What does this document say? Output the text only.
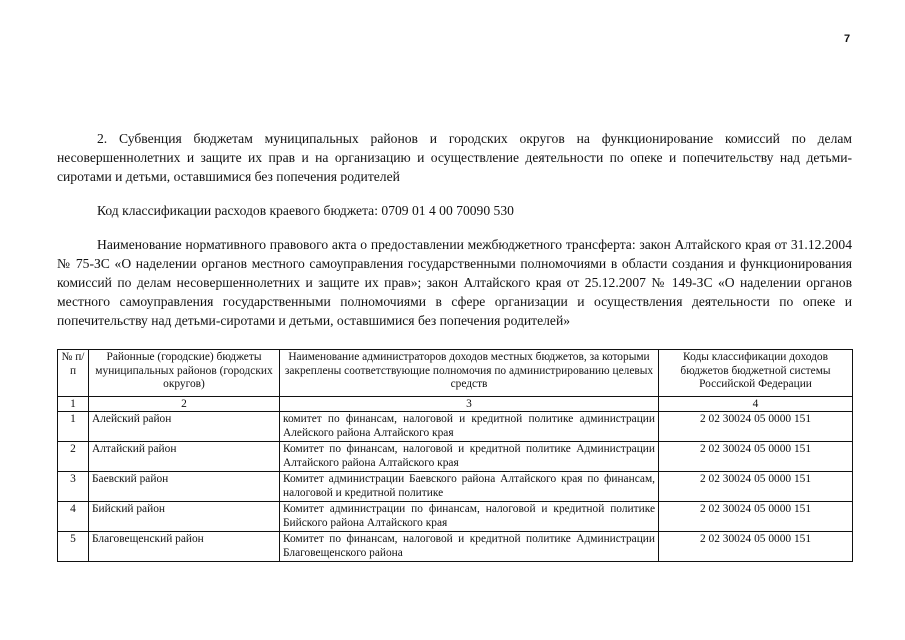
7

2. Субвенция бюджетам муниципальных районов и городских округов на функционирование комиссий по делам несовершеннолетних и защите их прав и на организацию и осуществление деятельности по опеке и попечительству над детьми-сиротами и детьми, оставшимися без попечения родителей

Код классификации расходов краевого бюджета: 0709 01 4 00 70090 530

Наименование нормативного правового акта о предоставлении межбюджетного трансферта: закон Алтайского края от 31.12.2004 № 75-ЗС «О наделении органов местного самоуправления государственными полномочиями в области создания и функционирования комиссий по делам несовершеннолетних и защите их прав»; закон Алтайского края от 25.12.2007 № 149-ЗС «О наделении органов местного самоуправления государственными полномочиями в сфере организации и осуществления деятельности по опеке и попечительству над детьми-сиротами и детьми, оставшимися без попечения родителей»

№ п/п	Районные (городские) бюджеты муниципальных районов (городских округов)	Наименование администраторов доходов местных бюджетов, за которыми закреплены соответствующие полномочия по администрированию целевых средств	Коды классификации доходов бюджетов бюджетной системы Российской Федерации
1	2	3	4
1	Алейский район	комитет по финансам, налоговой и кредитной политике администрации Алейского района Алтайского края	2 02 30024 05 0000 151
2	Алтайский район	Комитет по финансам, налоговой и кредитной политике Администрации Алтайского района Алтайского края	2 02 30024 05 0000 151
3	Баевский район	Комитет администрации Баевского района Алтайского края по финансам, налоговой и кредитной политике	2 02 30024 05 0000 151
4	Бийский район	Комитет администрации по финансам, налоговой и кредитной политике Бийского района Алтайского края	2 02 30024 05 0000 151
5	Благовещенский район	Комитет по финансам, налоговой и кредитной политике Администрации Благовещенского района	2 02 30024 05 0000 151
